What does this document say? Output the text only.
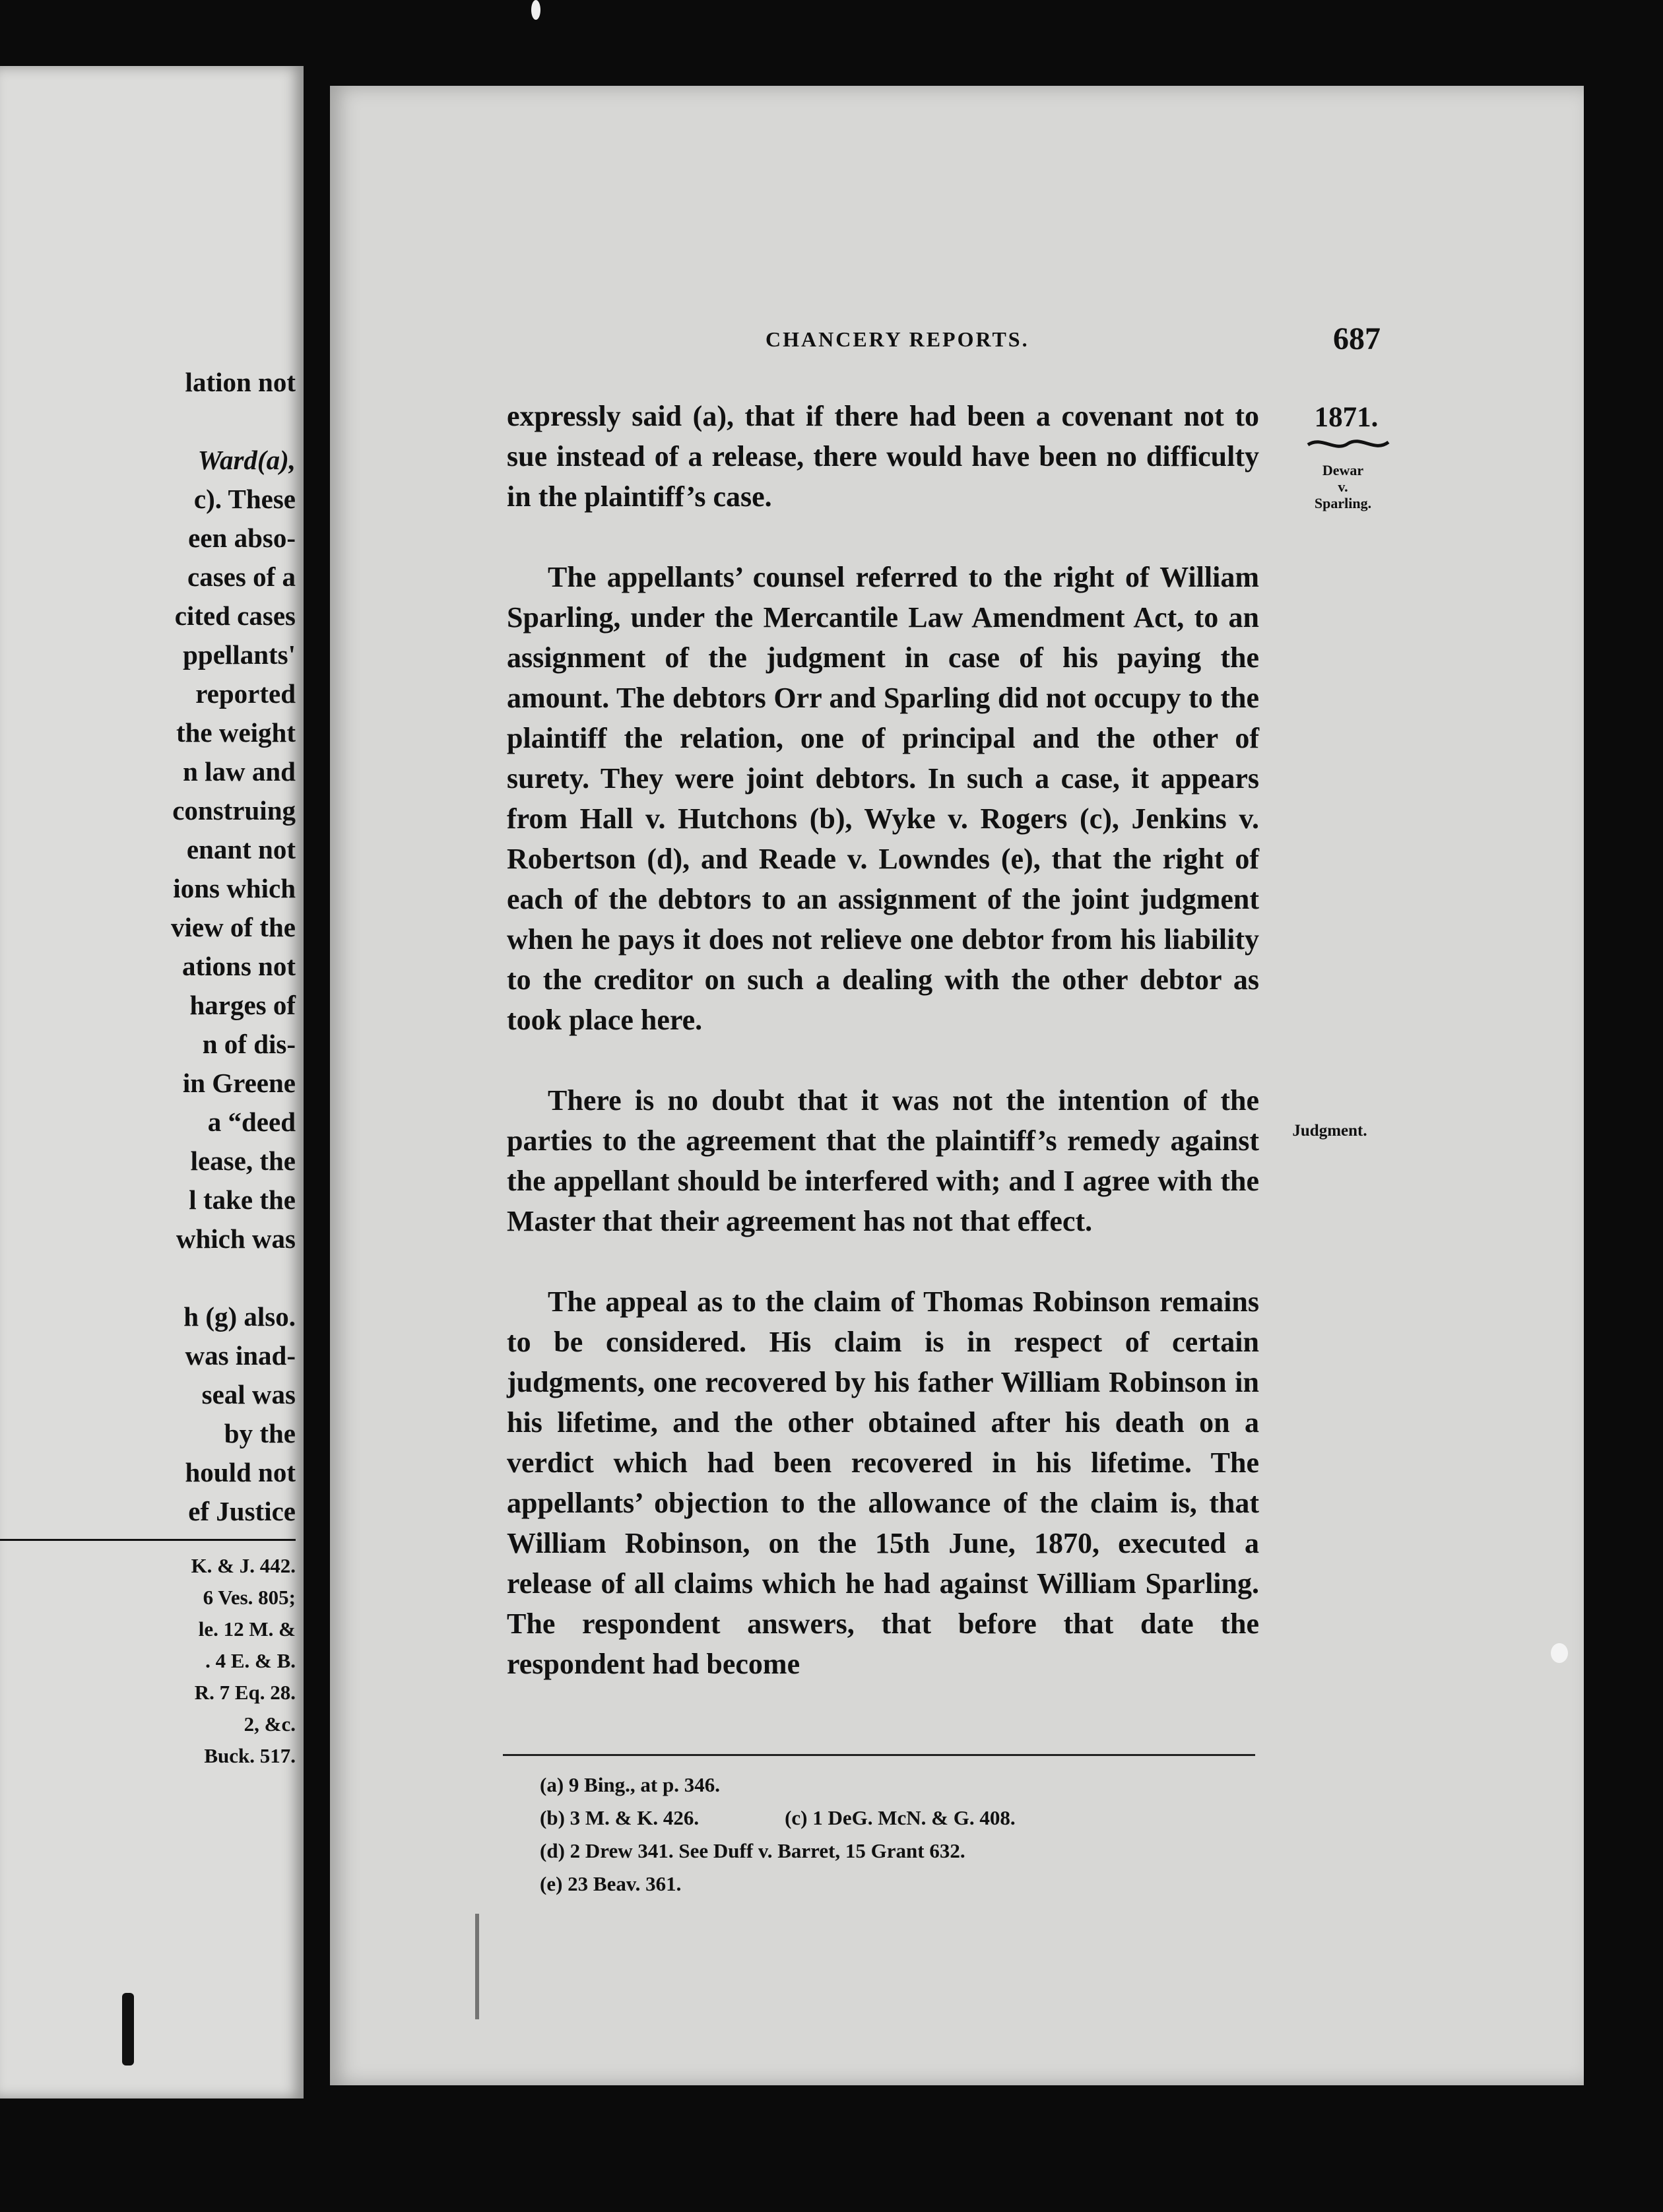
lation not
Ward(a),
c). These
een abso-
cases of a
cited cases
ppellants'
reported
the weight
n law and
construing
enant not
ions which
view of the
ations not
harges of
n of dis-
in Greene
a “deed
lease, the
l take the
which was
h (g) also.
was inad-
seal was
by the
hould not
ef Justice
K. & J. 442.
6 Ves. 805;
le. 12 M. &
. 4 E. & B.
R. 7 Eq. 28.
2, &c.
Buck. 517.
CHANCERY REPORTS.	687
1871.
Dewar
v.
Sparling.
Judgment.

expressly said (a), that if there had been a covenant not to sue instead of a release, there would have been no difficulty in the plaintiff’s case.

The appellants’ counsel referred to the right of William Sparling, under the Mercantile Law Amendment Act, to an assignment of the judgment in case of his paying the amount. The debtors Orr and Sparling did not occupy to the plaintiff the relation, one of principal and the other of surety. They were joint debtors. In such a case, it appears from Hall v. Hutchons (b), Wyke v. Rogers (c), Jenkins v. Robertson (d), and Reade v. Lowndes (e), that the right of each of the debtors to an assignment of the joint judgment when he pays it does not relieve one debtor from his liability to the creditor on such a dealing with the other debtor as took place here.

There is no doubt that it was not the intention of the parties to the agreement that the plaintiff’s remedy against the appellant should be interfered with; and I agree with the Master that their agreement has not that effect.

The appeal as to the claim of Thomas Robinson remains to be considered. His claim is in respect of certain judgments, one recovered by his father William Robinson in his lifetime, and the other obtained after his death on a verdict which had been recovered in his lifetime. The appellants’ objection to the allowance of the claim is, that William Robinson, on the 15th June, 1870, executed a release of all claims which he had against William Sparling. The respondent answers, that before that date the respondent had become

(a) 9 Bing., at p. 346.
(b) 3 M. & K. 426.	(c) 1 DeG. McN. & G. 408.
(d) 2 Drew 341. See Duff v. Barret, 15 Grant 632.
(e) 23 Beav. 361.
